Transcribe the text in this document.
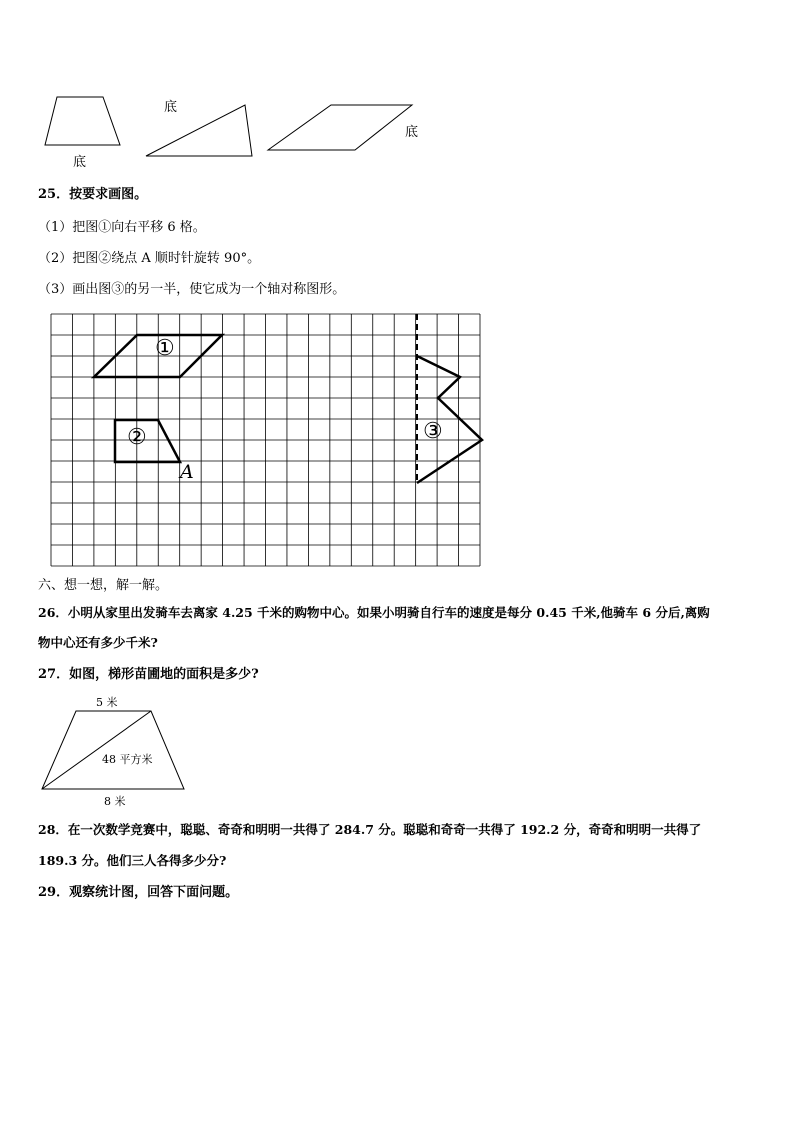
底
底
底
25．按要求画图。
（1）把图①向右平移 6 格。
（2）把图②绕点 A 顺时针旋转 90°。
（3）画出图③的另一半，使它成为一个轴对称图形。
①
②	③
A
六、想一想，解一解。
26．小明从家里出发骑车去离家 4.25 千米的购物中心。如果小明骑自行车的速度是每分 0.45 千米,他骑车 6 分后,离购
物中心还有多少千米?
27．如图，梯形苗圃地的面积是多少?
5 米
48 平方米
8 米
28．在一次数学竞赛中，聪聪、奇奇和明明一共得了 284.7 分。聪聪和奇奇一共得了 192.2 分，奇奇和明明一共得了
189.3 分。他们三人各得多少分?
29．观察统计图，回答下面问题。
